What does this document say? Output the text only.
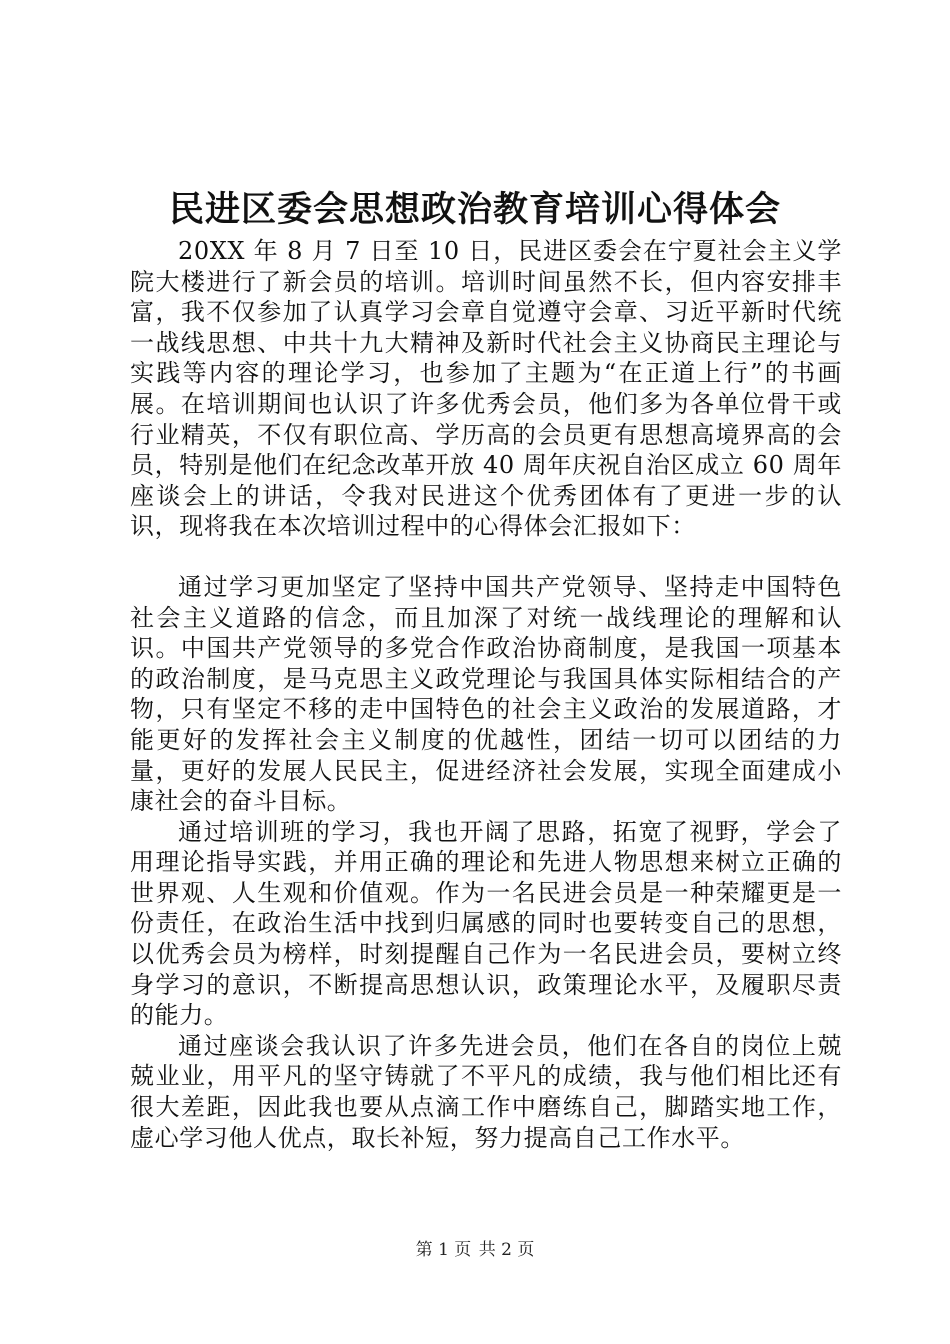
民进区委会思想政治教育培训心得体会

20XX 年 8 月 7 日至 10 日，民进区委会在宁夏社会主义学院大楼进行了新会员的培训。培训时间虽然不长，但内容安排丰富，我不仅参加了认真学习会章自觉遵守会章、习近平新时代统一战线思想、中共十九大精神及新时代社会主义协商民主理论与实践等内容的理论学习，也参加了主题为“在正道上行”的书画展。在培训期间也认识了许多优秀会员，他们多为各单位骨干或行业精英，不仅有职位高、学历高的会员更有思想高境界高的会员，特别是他们在纪念改革开放 40 周年庆祝自治区成立 60 周年座谈会上的讲话，令我对民进这个优秀团体有了更进一步的认识，现将我在本次培训过程中的心得体会汇报如下：

通过学习更加坚定了坚持中国共产党领导、坚持走中国特色社会主义道路的信念，而且加深了对统一战线理论的理解和认识。中国共产党领导的多党合作政治协商制度，是我国一项基本的政治制度，是马克思主义政党理论与我国具体实际相结合的产物，只有坚定不移的走中国特色的社会主义政治的发展道路，才能更好的发挥社会主义制度的优越性，团结一切可以团结的力量，更好的发展人民民主，促进经济社会发展，实现全面建成小康社会的奋斗目标。

通过培训班的学习，我也开阔了思路，拓宽了视野，学会了用理论指导实践，并用正确的理论和先进人物思想来树立正确的世界观、人生观和价值观。作为一名民进会员是一种荣耀更是一份责任，在政治生活中找到归属感的同时也要转变自己的思想，以优秀会员为榜样，时刻提醒自己作为一名民进会员，要树立终身学习的意识，不断提高思想认识，政策理论水平，及履职尽责的能力。

通过座谈会我认识了许多先进会员，他们在各自的岗位上兢兢业业，用平凡的坚守铸就了不平凡的成绩，我与他们相比还有很大差距，因此我也要从点滴工作中磨练自己，脚踏实地工作，虚心学习他人优点，取长补短，努力提高自己工作水平。

第 1 页 共 2 页
